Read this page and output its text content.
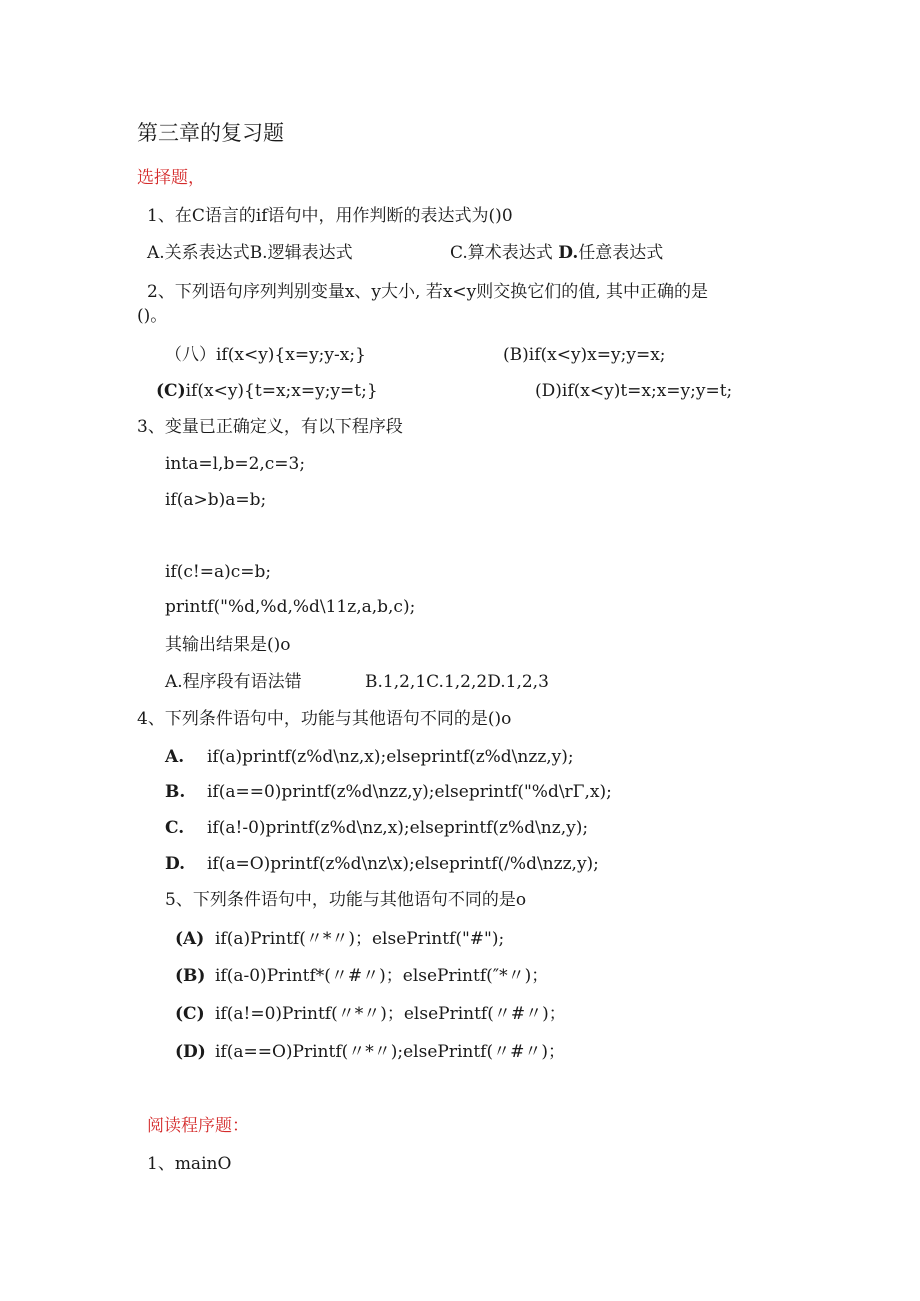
第三章的复习题
选择题，
1、在C语言的if语句中，用作判断的表达式为()0
A.关系表达式B.逻辑表达式	C.算术表达式 D.任意表达式
2、下列语句序列判别变量x、y大小, 若x<y则交换它们的值, 其中正确的是
()。
（八）if(x<y){x=y;y-x;}	(B)if(x<y)x=y;y=x;
(C)if(x<y){t=x;x=y;y=t;}	(D)if(x<y)t=x;x=y;y=t;
3、变量已正确定义，有以下程序段
inta=l,b=2,c=3;
if(a>b)a=b;
if(c!=a)c=b;
printf("%d,%d,%d\11z,a,b,c);
其输出结果是()o
A.程序段有语法错	B.1,2,1C.1,2,2D.1,2,3
4、下列条件语句中，功能与其他语句不同的是()o
A. if(a)printf(z%d\nz,x);elseprintf(z%d\nzz,y);
B. if(a==0)printf(z%d\nzz,y);elseprintf("%d\rΓ,x);
C. if(a!-0)printf(z%d\nz,x);elseprintf(z%d\nz,y);
D. if(a=O)printf(z%d\nz\x);elseprintf(/%d\nzz,y);
5、下列条件语句中，功能与其他语句不同的是o
(A) if(a)Printf(〃*〃)；elsePrintf("#");
(B) if(a-0)Printf*(〃#〃)；elsePrintf(″*〃)；
(C) if(a!=0)Printf(〃*〃)；elsePrintf(〃#〃)；
(D) if(a==O)Printf(〃*〃);elsePrintf(〃#〃)；
阅读程序题：
1、mainO
